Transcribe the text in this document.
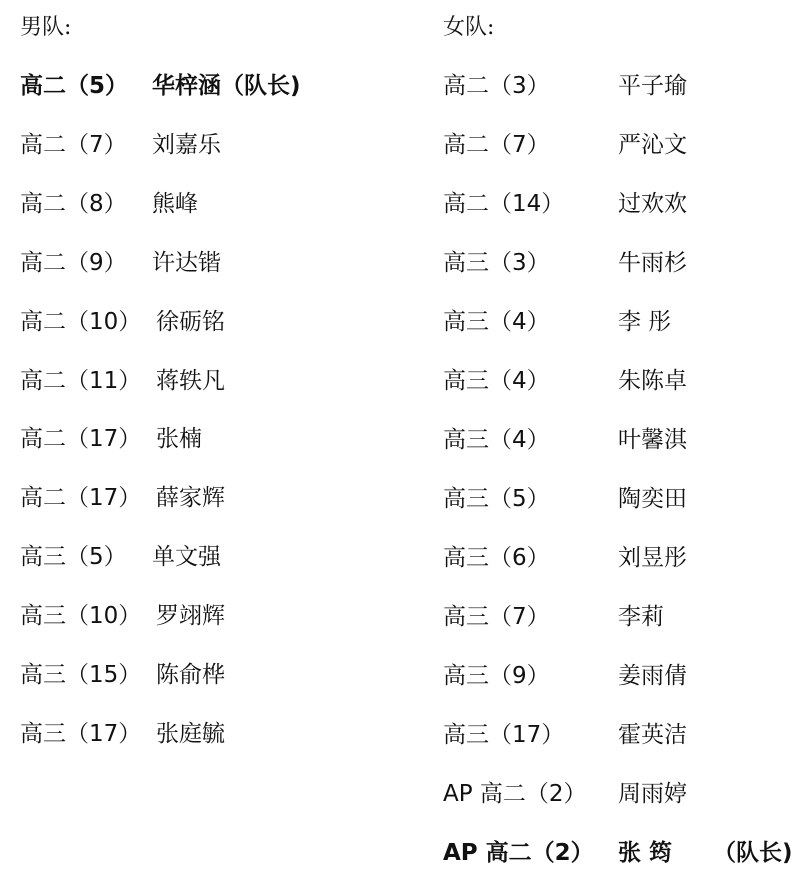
男队:
高二（5） 华梓涵（队长)
高二（7） 刘嘉乐
高二（8） 熊峰
高二（9） 许达锴
高二（10） 徐砺铭
高二（11） 蒋轶凡
高二（17） 张楠
高二（17） 薛家辉
高三（5） 单文强
高三（10） 罗翊辉
高三（15） 陈俞桦
高三（17） 张庭毓
女队:
高二（3）	平子瑜
高二（7）	严沁文
高二（14） 过欢欢
高三（3）	牛雨杉
高三（4）	李 彤
高三（4）	朱陈卓
高三（4）	叶馨淇
高三（5）	陶奕田
高三（6）	刘昱彤
高三（7）	李莉
高三（9）	姜雨倩
高三（17） 霍英洁
AP 高二（2） 周雨婷
AP 高二（2） 张 筠 （队长)
